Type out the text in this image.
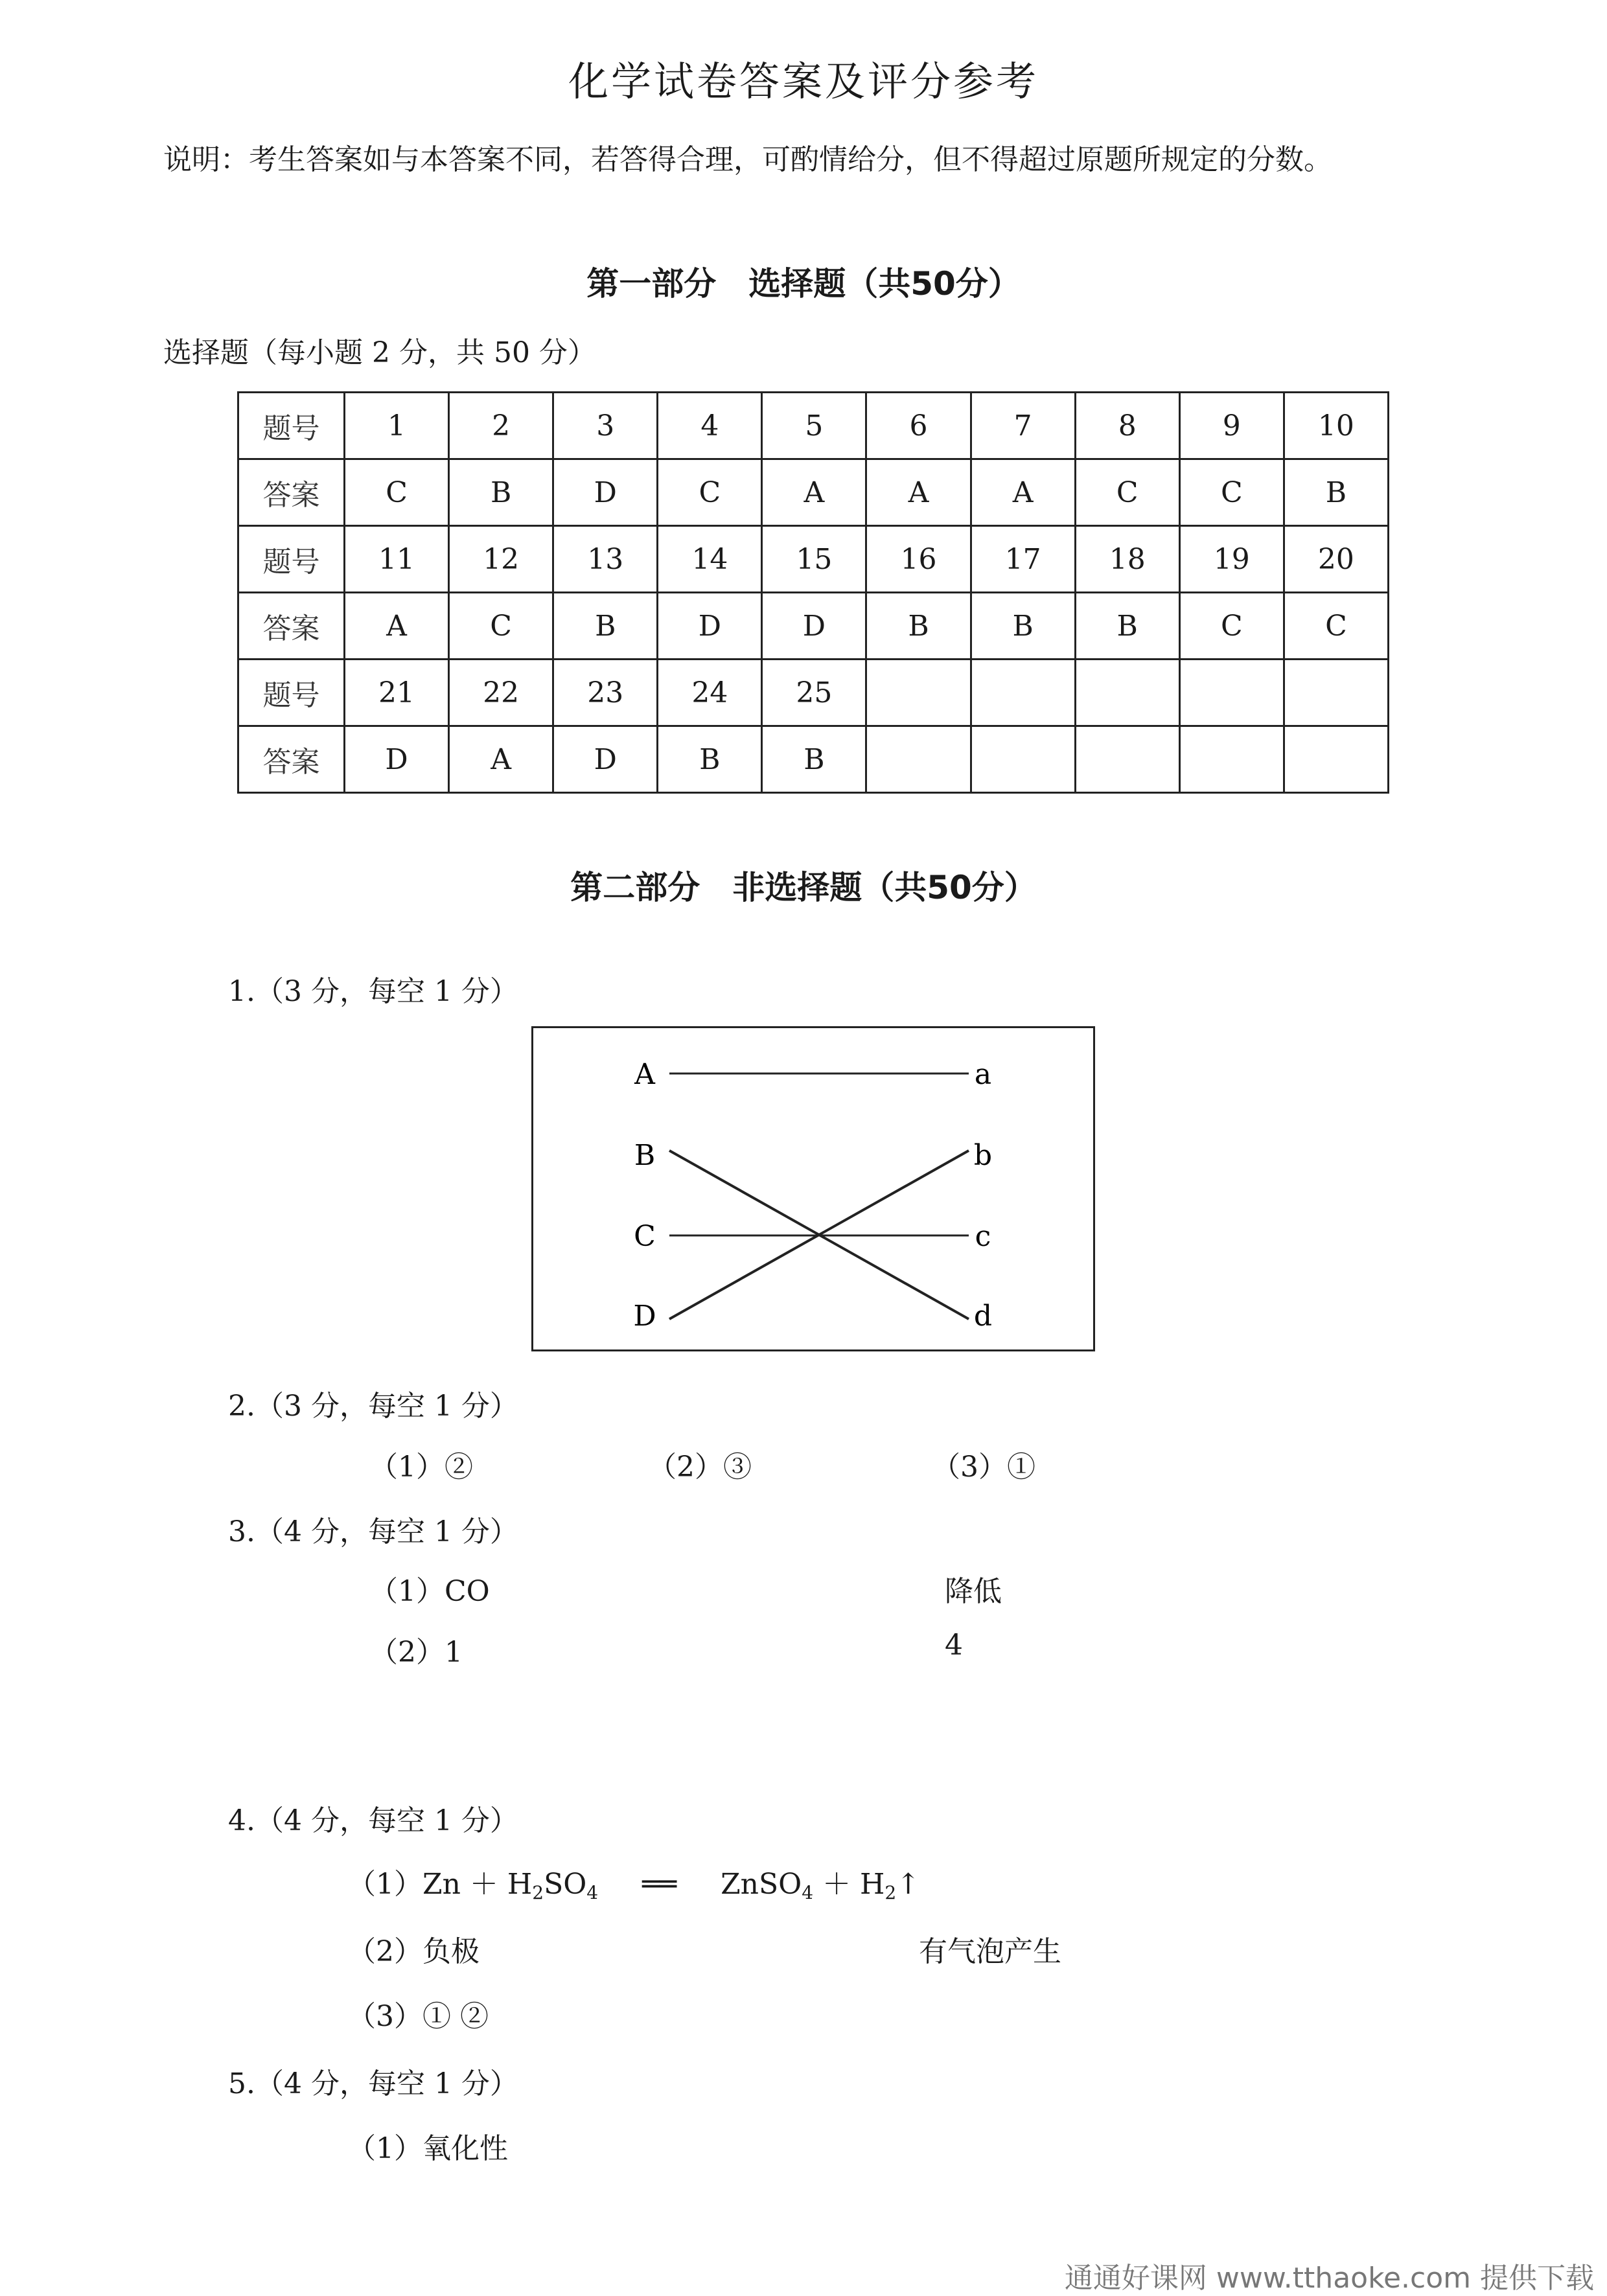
化学试卷答案及评分参考
说明：考生答案如与本答案不同，若答得合理，可酌情给分，但不得超过原题所规定的分数。
第一部分　选择题（共50分）
选择题（每小题 2 分，共 50 分）
题号	1	2	3	4	5	6	7	8	9	10
答案	C	B	D	C	A	A	A	C	C	B
题号	11	12	13	14	15	16	17	18	19	20
答案	A	C	B	D	D	B	B	B	C	C
题号	21	22	23	24	25					
答案	D	A	D	B	B					
第二部分　非选择题（共50分）
1.（3 分，每空 1 分）
A
B
C
D
a
b
c
d
2.（3 分，每空 1 分）
（1）②	（2）③	（3）①
3.（4 分，每空 1 分）
（1）CO	降低
（2）1	4
4.（4 分，每空 1 分）
$(1)Zn + H_2SO_4$ ══ ZnSO$_4$ ＋ $H_2↑$
（2）负极	有气泡产生
（3）① ②
5.（4 分，每空 1 分）
（1）氧化性
通通好课网 www.tthaoke.com 提供下载
